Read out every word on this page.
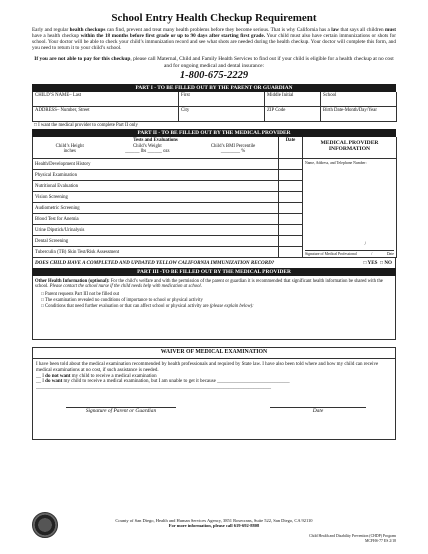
School Entry Health Checkup Requirement

Early and regular health checkups can find, prevent and treat many health problems before they become serious. That is why California has a law that says all children must have a health checkup within the 18 months before first grade or up to 90 days after starting first grade. Your child must also have certain immunizations or shots for school. Your doctor will be able to check your child’s immunization record and see what shots are needed during the health checkup. Your doctor will complete this form, and you need to return it to your child’s school.

If you are not able to pay for this checkup, please call Maternal, Child and Family Health Services to find out if your child is eligible for a health checkup at no cost and for ongoing medical and dental insurance:

1-800-675-2229
PART I - TO BE FILLED OUT BY THE PARENT OR GUARDIAN
CHILD’S NAME– Last	First	Middle Initial	School
ADDRESS– Number, Street	City	ZIP Code	Birth Date-Month/Day/Year
□ I want the medical provider to complete Part II only
PART II - TO BE FILLED OUT BY THE MEDICAL PROVIDER
Tests and Evaluations
Child’s Height
inches
Child’s Weight
______ lbs ______ ozs
Child’s BMI Percentile
________ %
Date	MEDICAL PROVIDER INFORMATION
Health/Development History
Physical Examination
Nutritional Evaluation
Vision Screening
Audiometric Screening
Blood Test for Anemia
Urine Dipstick/Urinalysis
Dental Screening
Tuberculin (TB) Skin Test/Risk Assessment
Name, Address, and Telephone Number:
/
Signature of Medical Professional	/	Date
DOES CHILD HAVE A COMPLETED AND UPDATED YELLOW CALIFORNIA IMMUNIZATION RECORD?	□ YES □ NO
PART III -TO BE FILLED OUT BY THE MEDICAL PROVIDER

Other Health Information (optional): For the child’s welfare and with the permission of the parent or guardian it is recommended that significant health information be shared with the school. Please contact the school nurse if the child needs help with medication at school.

□ Parent requests Part III not be filled out
□ The examination revealed no conditions of importance to school or physical activity
□ Conditions that need further evaluation or that can affect school or physical activity are (please explain below):
WAIVER OF MEDICAL EXAMINATION

I have been told about the medical examination recommended by health professionals and required by State law. I have also been told where and how my child can receive medical examinations at no cost, if such assistance is needed.

__ I do not want my child to receive a medical examination

__ I do want my child to receive a medical examination, but I am unable to get it because _____________________________

______________________________________________________________________________________________

Signature of Parent or Guardian	Date
County of San Diego, Health and Human Services Agency, 3851 Rosecrans, Suite 522, San Diego, CA 92110
For more information, please call 619-692-8808
Child Health and Disability Prevention (CHDP) Program
MCFHS-77 ES 2/18
